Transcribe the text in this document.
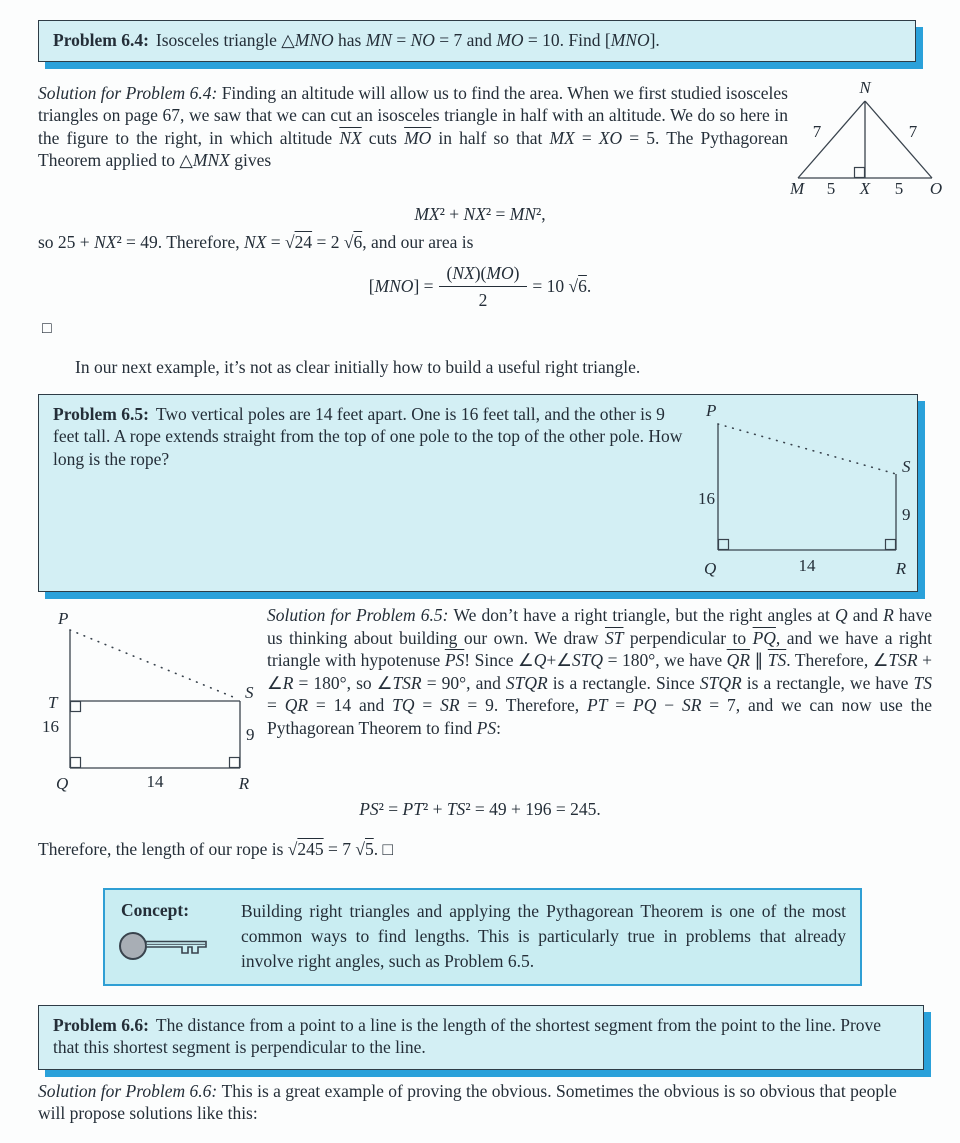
Problem 6.4: Isosceles triangle △MNO has MN = NO = 7 and MO = 10. Find [MNO].

Solution for Problem 6.4: Finding an altitude will allow us to find the area. When we first studied isosceles triangles on page 67, we saw that we can cut an isosceles triangle in half with an altitude. We do so here in the figure to the right, in which altitude $\overline{NX}$ cuts $\overline{MO}$ in half so that MX = XO = 5. The Pythagorean Theorem applied to △MNX gives

N
7	7
M 5 X 5 O
MX² + NX² = MN²,

so 25 + NX² = 49. Therefore, NX = √24 = 2 √6, and our area is

$[MNO] = \frac{(NX)(MO)}{2} = 10$ √6.
□

In our next example, it’s not as clear initially how to build a useful right triangle.

Problem 6.5: Two vertical poles are 14 feet apart. One is 16 feet tall, and the other is 9 feet tall. A rope extends straight from the top of one pole to the top of the other pole. How long is the rope?
P
16
Q	14	R
S
9
P
T
16
Q	14	R
S
9

Solution for Problem 6.5: We don’t have a right triangle, but the right angles at Q and R have us thinking about building our own. We draw $\overline{ST}$ perpendicular to $\overline{PQ}$, and we have a right triangle with hypotenuse $\overline{PS}$! Since ∠Q+∠STQ = 180°, we have $\overline{QR}$ ∥ $\overline{TS}$. Therefore, ∠TSR + ∠R = 180°, so ∠TSR = 90°, and STQR is a rectangle. Since STQR is a rectangle, we have TS = QR = 14 and TQ = SR = 9. Therefore, PT = PQ − SR = 7, and we can now use the Pythagorean Theorem to find PS:

PS² = PT² + TS² = 49 + 196 = 245.

Therefore, the length of our rope is √245 = 7 √5. □

Concept:	Building right triangles and applying the Pythagorean Theorem is one of the most common ways to find lengths. This is particularly true in problems that already involve right angles, such as Problem 6.5.
Problem 6.6: The distance from a point to a line is the length of the shortest segment from the point to the line. Prove that this shortest segment is perpendicular to the line.

Solution for Problem 6.6: This is a great example of proving the obvious. Sometimes the obvious is so obvious that people will propose solutions like this:
